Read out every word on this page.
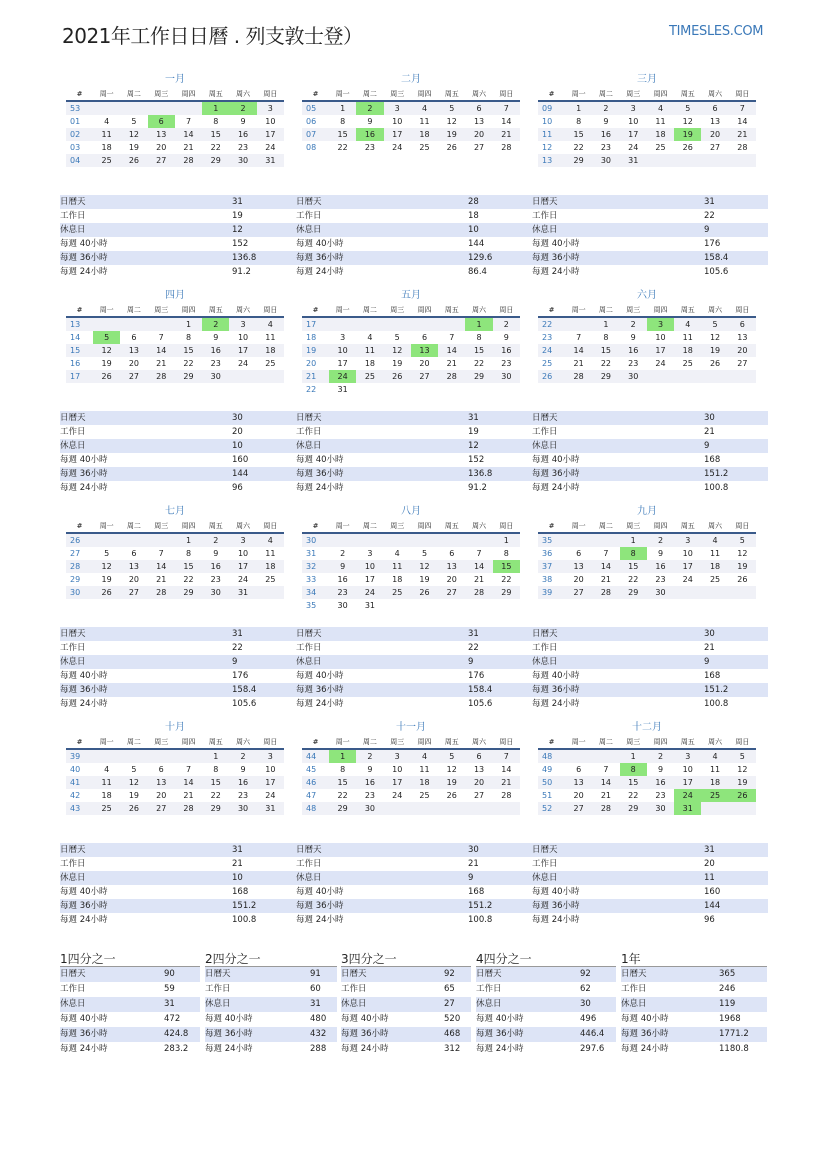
2021年工作日日曆 . 列支敦士登）	TIMESLES.COM
一月
#	周一	周二	周三	周四	周五	周六	周日
53					1	2	3
01	4	5	6	7	8	9	10
02	11	12	13	14	15	16	17
03	18	19	20	21	22	23	24
04	25	26	27	28	29	30	31
日曆天	31
工作日	19
休息日	12
每週 40小時	152
每週 36小時	136.8
每週 24小時	91.2
二月
#	周一	周二	周三	周四	周五	周六	周日
05	1	2	3	4	5	6	7
06	8	9	10	11	12	13	14
07	15	16	17	18	19	20	21
08	22	23	24	25	26	27	28
日曆天	28
工作日	18
休息日	10
每週 40小時	144
每週 36小時	129.6
每週 24小時	86.4
三月
#	周一	周二	周三	周四	周五	周六	周日
09	1	2	3	4	5	6	7
10	8	9	10	11	12	13	14
11	15	16	17	18	19	20	21
12	22	23	24	25	26	27	28
13	29	30	31				
日曆天	31
工作日	22
休息日	9
每週 40小時	176
每週 36小時	158.4
每週 24小時	105.6
四月
#	周一	周二	周三	周四	周五	周六	周日
13				1	2	3	4
14	5	6	7	8	9	10	11
15	12	13	14	15	16	17	18
16	19	20	21	22	23	24	25
17	26	27	28	29	30		
日曆天	30
工作日	20
休息日	10
每週 40小時	160
每週 36小時	144
每週 24小時	96
五月
#	周一	周二	周三	周四	周五	周六	周日
17						1	2
18	3	4	5	6	7	8	9
19	10	11	12	13	14	15	16
20	17	18	19	20	21	22	23
21	24	25	26	27	28	29	30
22	31						
日曆天	31
工作日	19
休息日	12
每週 40小時	152
每週 36小時	136.8
每週 24小時	91.2
六月
#	周一	周二	周三	周四	周五	周六	周日
22		1	2	3	4	5	6
23	7	8	9	10	11	12	13
24	14	15	16	17	18	19	20
25	21	22	23	24	25	26	27
26	28	29	30				
日曆天	30
工作日	21
休息日	9
每週 40小時	168
每週 36小時	151.2
每週 24小時	100.8
七月
#	周一	周二	周三	周四	周五	周六	周日
26				1	2	3	4
27	5	6	7	8	9	10	11
28	12	13	14	15	16	17	18
29	19	20	21	22	23	24	25
30	26	27	28	29	30	31	
日曆天	31
工作日	22
休息日	9
每週 40小時	176
每週 36小時	158.4
每週 24小時	105.6
八月
#	周一	周二	周三	周四	周五	周六	周日
30							1
31	2	3	4	5	6	7	8
32	9	10	11	12	13	14	15
33	16	17	18	19	20	21	22
34	23	24	25	26	27	28	29
35	30	31					
日曆天	31
工作日	22
休息日	9
每週 40小時	176
每週 36小時	158.4
每週 24小時	105.6
九月
#	周一	周二	周三	周四	周五	周六	周日
35			1	2	3	4	5
36	6	7	8	9	10	11	12
37	13	14	15	16	17	18	19
38	20	21	22	23	24	25	26
39	27	28	29	30			
日曆天	30
工作日	21
休息日	9
每週 40小時	168
每週 36小時	151.2
每週 24小時	100.8
十月
#	周一	周二	周三	周四	周五	周六	周日
39					1	2	3
40	4	5	6	7	8	9	10
41	11	12	13	14	15	16	17
42	18	19	20	21	22	23	24
43	25	26	27	28	29	30	31
日曆天	31
工作日	21
休息日	10
每週 40小時	168
每週 36小時	151.2
每週 24小時	100.8
十一月
#	周一	周二	周三	周四	周五	周六	周日
44	1	2	3	4	5	6	7
45	8	9	10	11	12	13	14
46	15	16	17	18	19	20	21
47	22	23	24	25	26	27	28
48	29	30					
日曆天	30
工作日	21
休息日	9
每週 40小時	168
每週 36小時	151.2
每週 24小時	100.8
十二月
#	周一	周二	周三	周四	周五	周六	周日
48			1	2	3	4	5
49	6	7	8	9	10	11	12
50	13	14	15	16	17	18	19
51	20	21	22	23	24	25	26
52	27	28	29	30	31		
日曆天	31
工作日	20
休息日	11
每週 40小時	160
每週 36小時	144
每週 24小時	96
1四分之一
日曆天	90
工作日	59
休息日	31
每週 40小時	472
每週 36小時	424.8
每週 24小時	283.2
2四分之一
日曆天	91
工作日	60
休息日	31
每週 40小時	480
每週 36小時	432
每週 24小時	288
3四分之一
日曆天	92
工作日	65
休息日	27
每週 40小時	520
每週 36小時	468
每週 24小時	312
4四分之一
日曆天	92
工作日	62
休息日	30
每週 40小時	496
每週 36小時	446.4
每週 24小時	297.6
1年
日曆天	365
工作日	246
休息日	119
每週 40小時	1968
每週 36小時	1771.2
每週 24小時	1180.8
